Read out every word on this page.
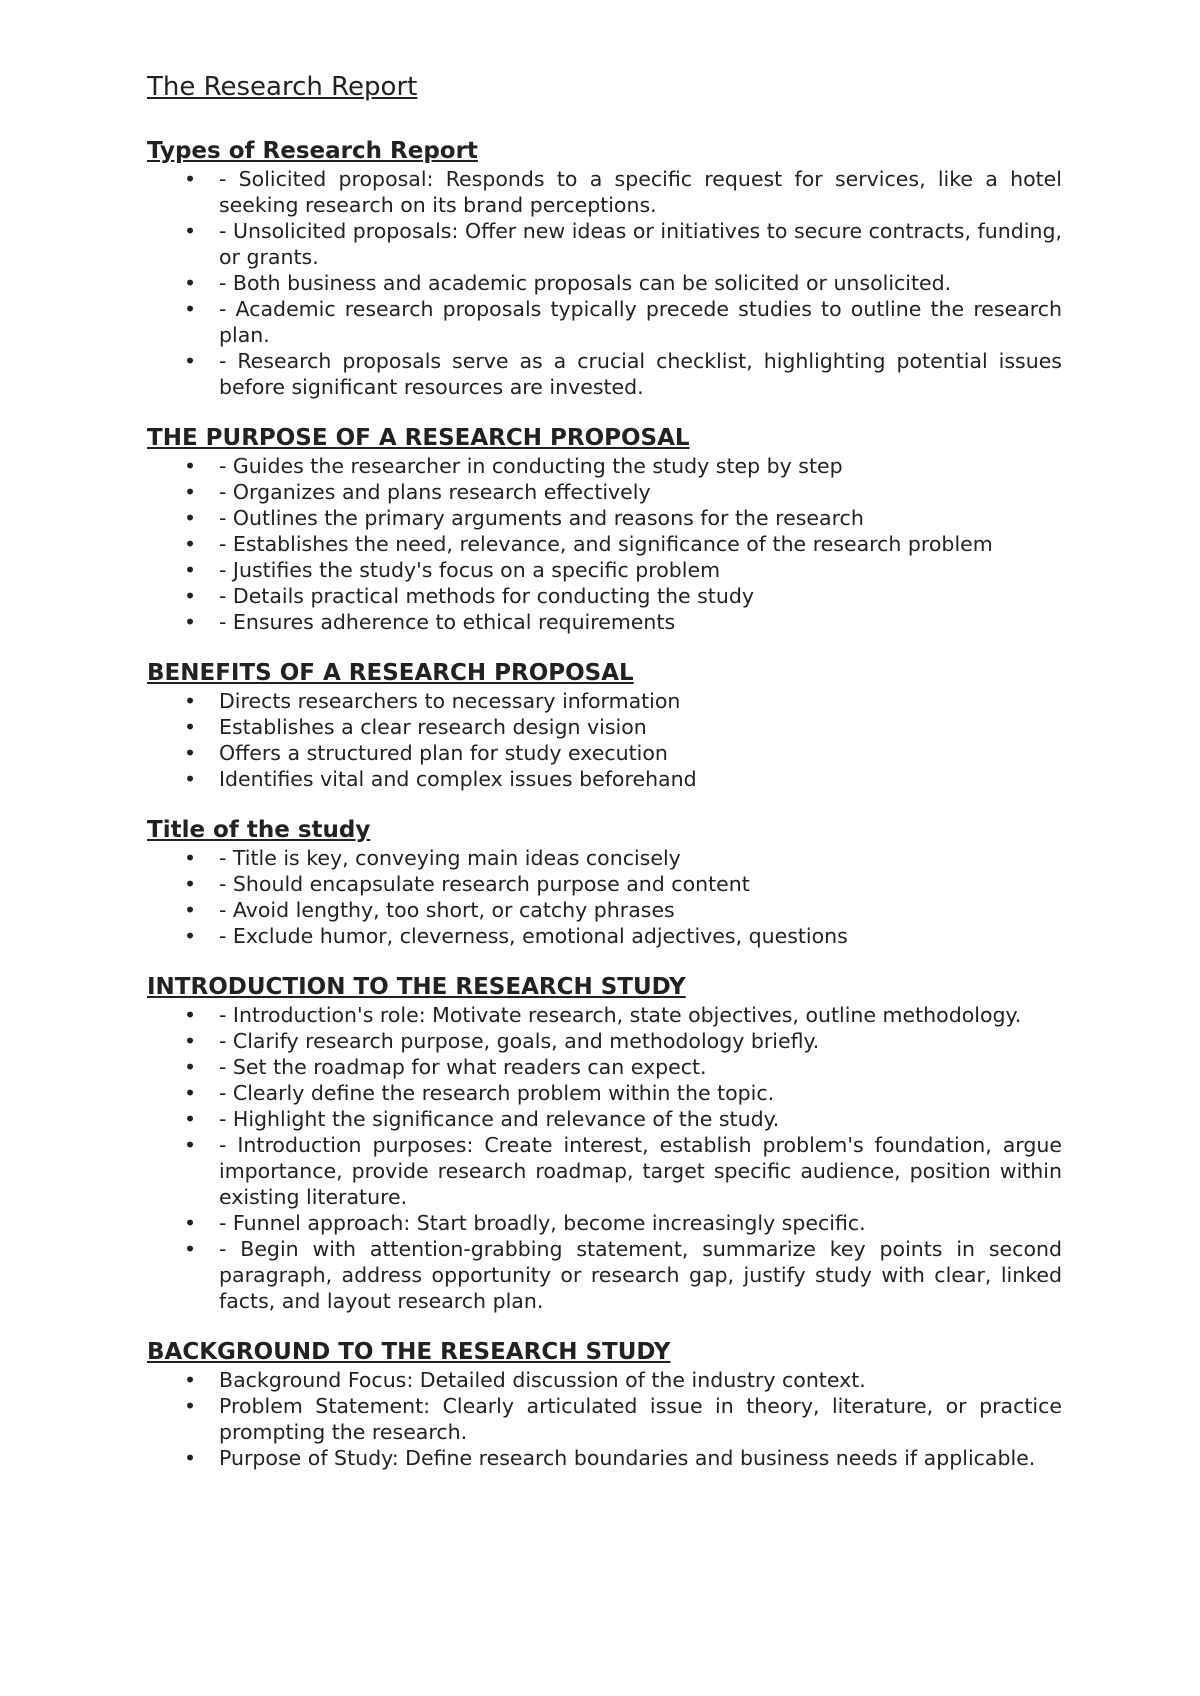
The Research Report
Types of Research Report
• - Solicited proposal: Responds to a specific request for services, like a hotel seeking research on its brand perceptions.
• - Unsolicited proposals: Offer new ideas or initiatives to secure contracts, funding, or grants.
• - Both business and academic proposals can be solicited or unsolicited.
• - Academic research proposals typically precede studies to outline the research plan.
• - Research proposals serve as a crucial checklist, highlighting potential issues before significant resources are invested.
THE PURPOSE OF A RESEARCH PROPOSAL
• - Guides the researcher in conducting the study step by step
• - Organizes and plans research effectively
• - Outlines the primary arguments and reasons for the research
• - Establishes the need, relevance, and significance of the research problem
• - Justifies the study's focus on a specific problem
• - Details practical methods for conducting the study
• - Ensures adherence to ethical requirements
BENEFITS OF A RESEARCH PROPOSAL
• Directs researchers to necessary information
• Establishes a clear research design vision
• Offers a structured plan for study execution
• Identifies vital and complex issues beforehand
Title of the study
• - Title is key, conveying main ideas concisely
• - Should encapsulate research purpose and content
• - Avoid lengthy, too short, or catchy phrases
• - Exclude humor, cleverness, emotional adjectives, questions
INTRODUCTION TO THE RESEARCH STUDY
• - Introduction's role: Motivate research, state objectives, outline methodology.
• - Clarify research purpose, goals, and methodology briefly.
• - Set the roadmap for what readers can expect.
• - Clearly define the research problem within the topic.
• - Highlight the significance and relevance of the study.
• - Introduction purposes: Create interest, establish problem's foundation, argue importance, provide research roadmap, target specific audience, position within existing literature.
• - Funnel approach: Start broadly, become increasingly specific.
• - Begin with attention-grabbing statement, summarize key points in second paragraph, address opportunity or research gap, justify study with clear, linked facts, and layout research plan.
BACKGROUND TO THE RESEARCH STUDY
• Background Focus: Detailed discussion of the industry context.
• Problem Statement: Clearly articulated issue in theory, literature, or practice prompting the research.
• Purpose of Study: Define research boundaries and business needs if applicable.
